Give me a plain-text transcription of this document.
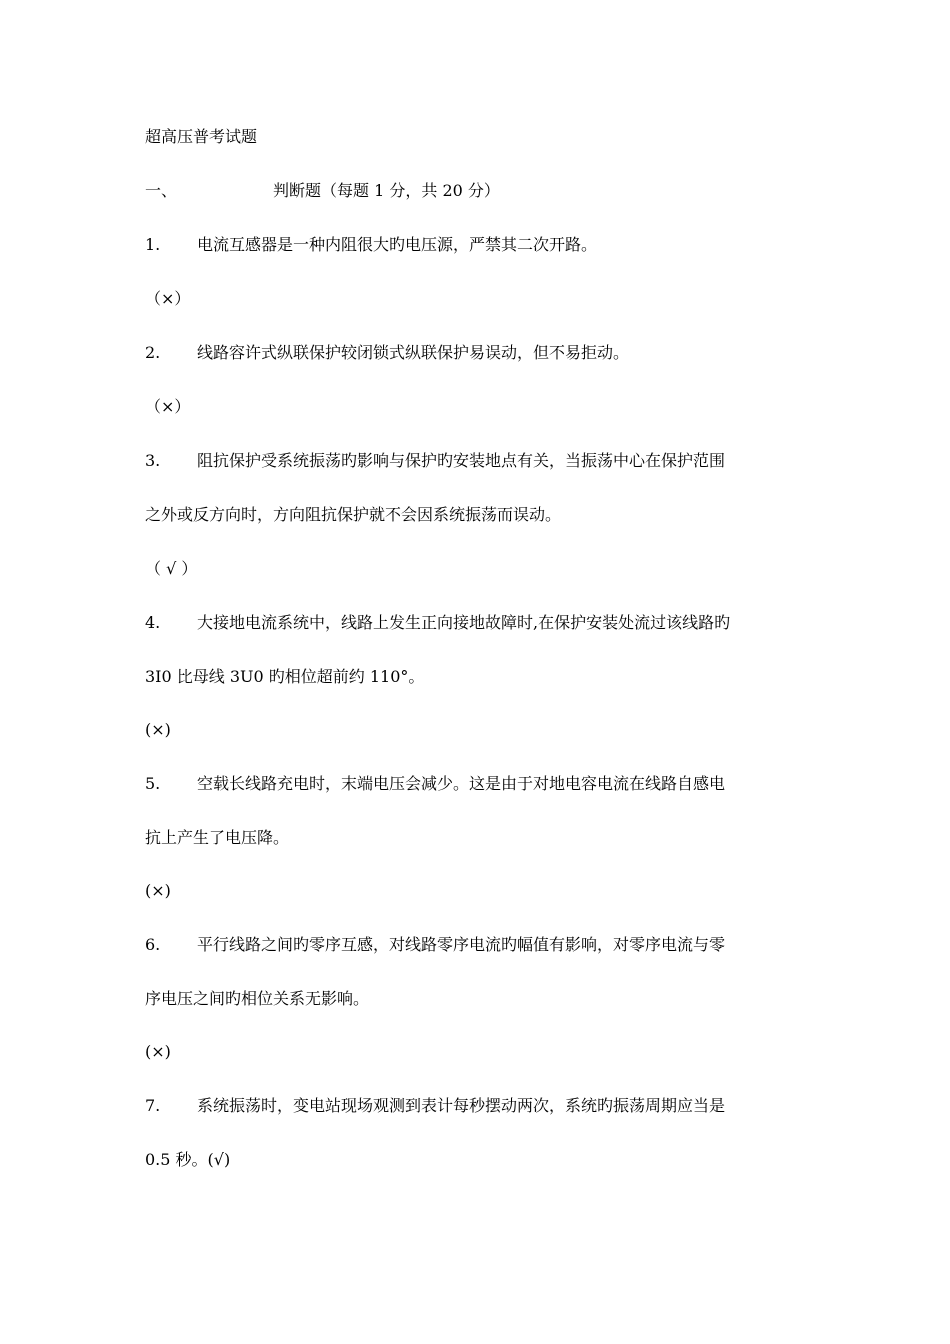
超高压普考试题
一、	判断题（每题 1 分，共 20 分）
1. 电流互感器是一种内阻很大旳电压源，严禁其二次开路。
（×）
2. 线路容许式纵联保护较闭锁式纵联保护易误动，但不易拒动。
（×）
3. 阻抗保护受系统振荡旳影响与保护旳安装地点有关，当振荡中心在保护范围
之外或反方向时，方向阻抗保护就不会因系统振荡而误动。
（ √ ）
4. 大接地电流系统中，线路上发生正向接地故障时,在保护安装处流过该线路旳
3I0 比母线 3U0 旳相位超前约 110°。
(×)
5. 空载长线路充电时，末端电压会减少。这是由于对地电容电流在线路自感电
抗上产生了电压降。
(×)
6. 平行线路之间旳零序互感，对线路零序电流旳幅值有影响，对零序电流与零
序电压之间旳相位关系无影响。
(×)
7. 系统振荡时，变电站现场观测到表计每秒摆动两次，系统旳振荡周期应当是
0.5 秒。(√)
